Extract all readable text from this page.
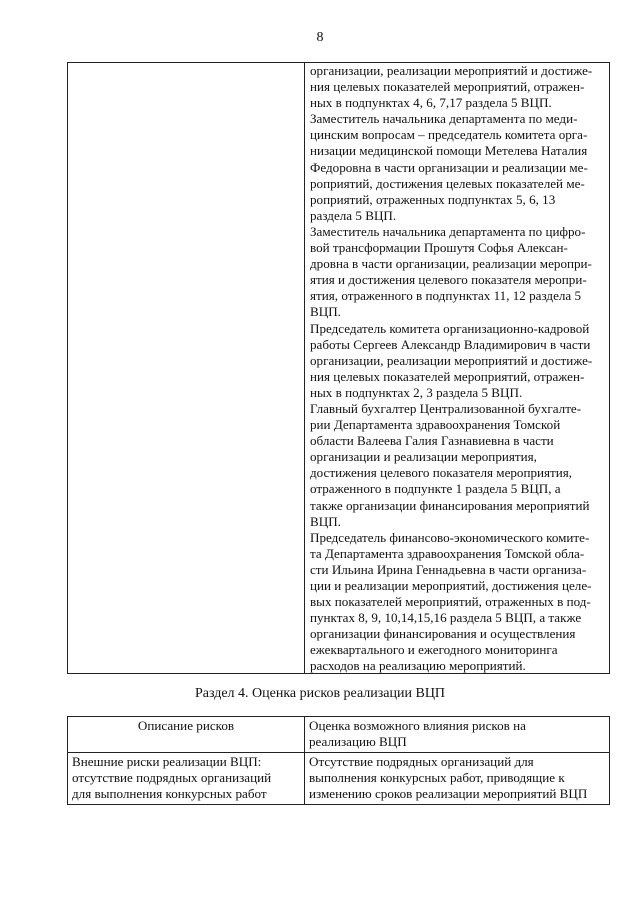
8
организации, реализации мероприятий и достиже-
ния целевых показателей мероприятий, отражен-
ных в подпунктах 4, 6, 7,17 раздела 5 ВЦП.
Заместитель начальника департамента по меди-
цинским вопросам – председатель комитета орга-
низации медицинской помощи Метелева Наталия
Федоровна в части организации и реализации ме-
роприятий, достижения целевых показателей ме-
роприятий, отраженных подпунктах 5, 6, 13
раздела 5 ВЦП.
Заместитель начальника департамента по цифро-
вой трансформации Прошутя Софья Алексан-
дровна в части организации, реализации меропри-
ятия и достижения целевого показателя меропри-
ятия, отраженного в подпунктах 11, 12 раздела 5
ВЦП.
Председатель комитета организационно-кадровой
работы Сергеев Александр Владимирович в части
организации, реализации мероприятий и достиже-
ния целевых показателей мероприятий, отражен-
ных в подпунктах 2, 3 раздела 5 ВЦП.
Главный бухгалтер Централизованной бухгалте-
рии Департамента здравоохранения Томской
области Валеева Галия Газнавиевна в части
организации и реализации мероприятия,
достижения целевого показателя мероприятия,
отраженного в подпункте 1 раздела 5 ВЦП, а
также организации финансирования мероприятий
ВЦП.
Председатель финансово-экономического комите-
та Департамента здравоохранения Томской обла-
сти Ильина Ирина Геннадьевна в части организа-
ции и реализации мероприятий, достижения целе-
вых показателей мероприятий, отраженных в под-
пунктах 8, 9, 10,14,15,16 раздела 5 ВЦП, а также
организации финансирования и осуществления
ежеквартального и ежегодного мониторинга
расходов на реализацию мероприятий.
Раздел 4. Оценка рисков реализации ВЦП
Описание рисков	Оценка возможного влияния рисков на
реализацию ВЦП

Внешние риски реализации ВЦП:
отсутствие подрядных организаций
для выполнения конкурсных работ	Отсутствие подрядных организаций для
выполнения конкурсных работ, приводящие к
изменению сроков реализации мероприятий ВЦП
